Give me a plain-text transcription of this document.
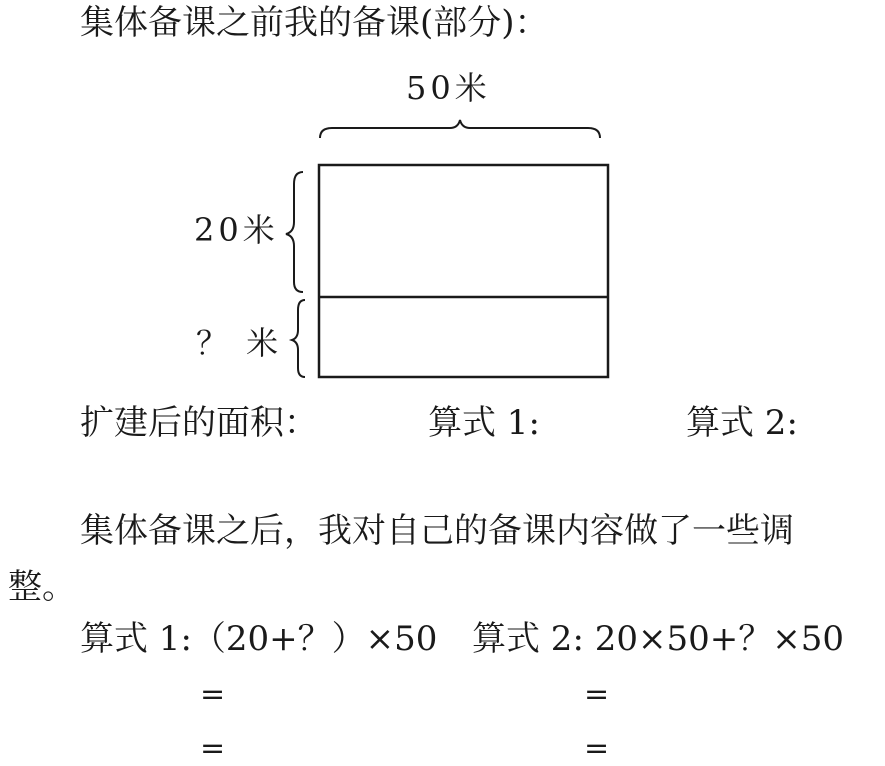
集体备课之前我的备课(部分)：
50米
20米
？ 米
扩建后的面积：	算式 1:	算式 2:
集体备课之后，我对自己的备课内容做了一些调
整。
算式 1:（20+？）×50 算式 2: 20×50+？×50
=	=
=	=
